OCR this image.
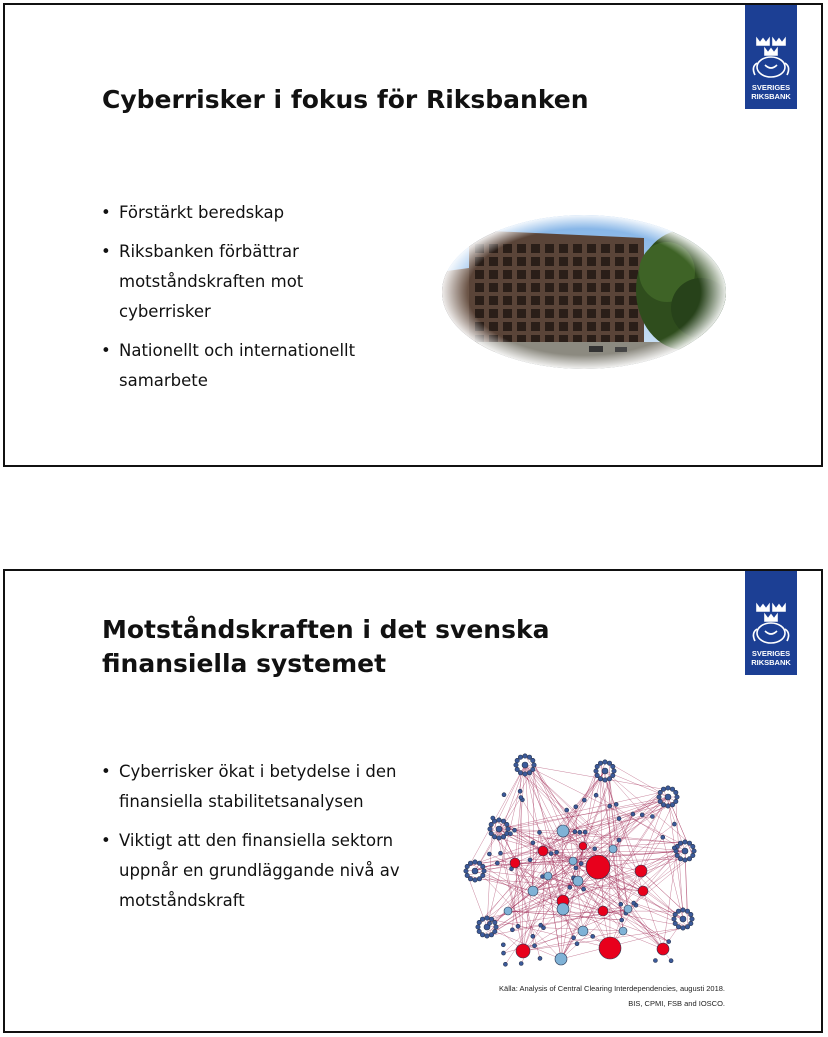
SVERIGES
RIKSBANK
Cyberrisker i fokus för Riksbanken
• Förstärkt beredskap
• Riksbanken förbättrar motståndskraften mot cyberrisker
• Nationellt och internationellt samarbete
SVERIGES
RIKSBANK
Motståndskraften i det svenska finansiella systemet
• Cyberrisker ökat i betydelse i den finansiella stabilitetsanalysen
• Viktigt att den finansiella sektorn uppnår en grundläggande nivå av motståndskraft
Källa: Analysis of Central Clearing Interdependencies, augusti 2018.
BIS, CPMI, FSB and IOSCO.
